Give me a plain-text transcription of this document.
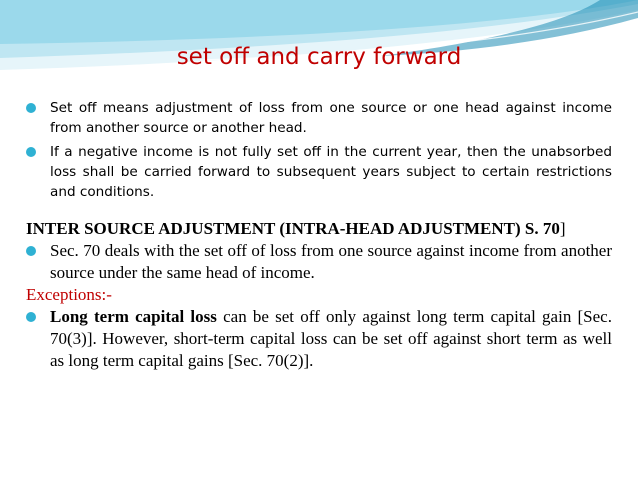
set off and carry forward
Set off means adjustment of loss from one source or one head against income from another source or another head.
If a negative income is not fully set off in the current year, then the unabsorbed loss shall be carried forward to subsequent years subject to certain restrictions and conditions.
INTER SOURCE ADJUSTMENT (INTRA-HEAD ADJUSTMENT) S. 70]
Sec. 70 deals with the set off of loss from one source against income from another source under the same head of income.
Exceptions:-
Long term capital loss can be set off only against long term capital gain [Sec. 70(3)]. However, short-term capital loss can be set off against short term as well as long term capital gains [Sec. 70(2)].
